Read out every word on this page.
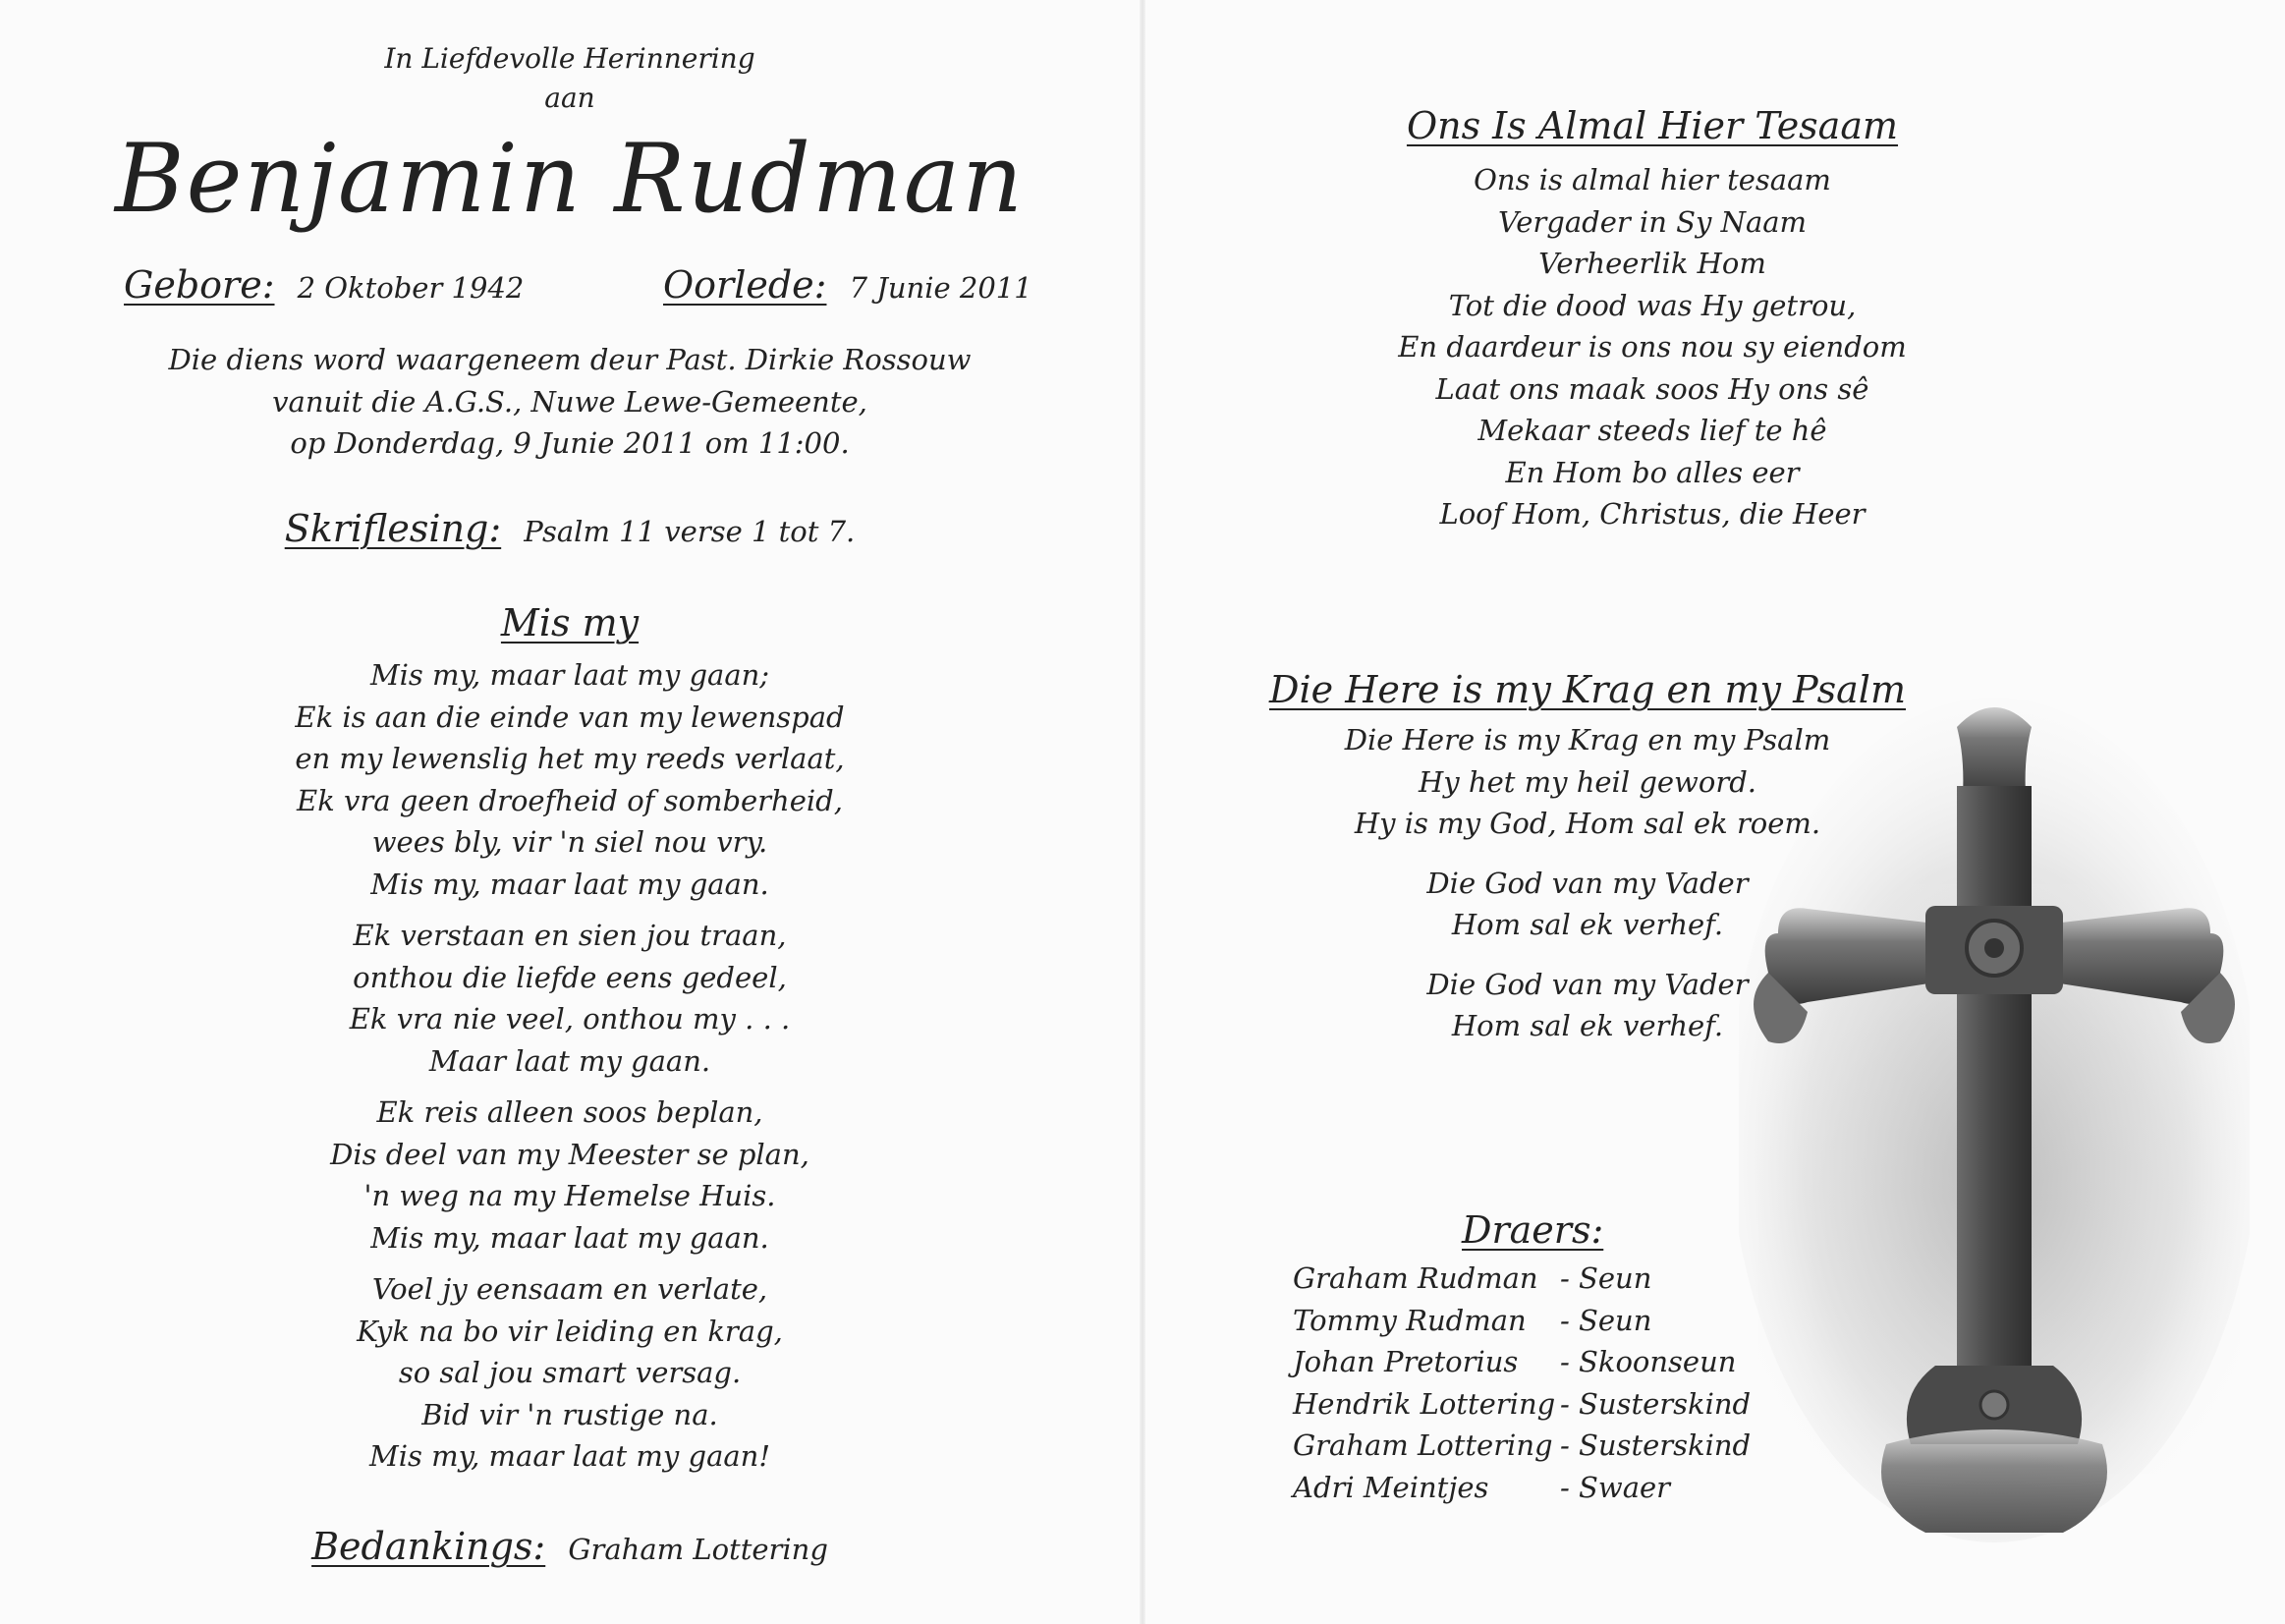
In Liefdevolle Herinnering
aan
Benjamin Rudman
Gebore: 2 Oktober 1942	Oorlede: 7 Junie 2011
Die diens word waargeneem deur Past. Dirkie Rossouw
vanuit die A.G.S., Nuwe Lewe-Gemeente,
op Donderdag, 9 Junie 2011 om 11:00.
Skriflesing: Psalm 11 verse 1 tot 7.
Mis my
Mis my, maar laat my gaan;
Ek is aan die einde van my lewenspad
en my lewenslig het my reeds verlaat,
Ek vra geen droefheid of somberheid,
wees bly, vir 'n siel nou vry.
Mis my, maar laat my gaan.
Ek verstaan en sien jou traan,
onthou die liefde eens gedeel,
Ek vra nie veel, onthou my . . .
Maar laat my gaan.
Ek reis alleen soos beplan,
Dis deel van my Meester se plan,
'n weg na my Hemelse Huis.
Mis my, maar laat my gaan.
Voel jy eensaam en verlate,
Kyk na bo vir leiding en krag,
so sal jou smart versag.
Bid vir 'n rustige na.
Mis my, maar laat my gaan!
Bedankings: Graham Lottering
Ons Is Almal Hier Tesaam
Ons is almal hier tesaam
Vergader in Sy Naam
Verheerlik Hom
Tot die dood was Hy getrou,
En daardeur is ons nou sy eiendom
Laat ons maak soos Hy ons sê
Mekaar steeds lief te hê
En Hom bo alles eer
Loof Hom, Christus, die Heer
Die Here is my Krag en my Psalm
Die Here is my Krag en my Psalm
Hy het my heil geword.
Hy is my God, Hom sal ek roem.
Die God van my Vader
Hom sal ek verhef.
Die God van my Vader
Hom sal ek verhef.
Draers:
Graham Rudman - Seun
Tommy Rudman	- Seun
Johan Pretorius	- Skoonseun
Hendrik Lottering - Susterskind
Graham Lottering - Susterskind
Adri Meintjes	- Swaer
